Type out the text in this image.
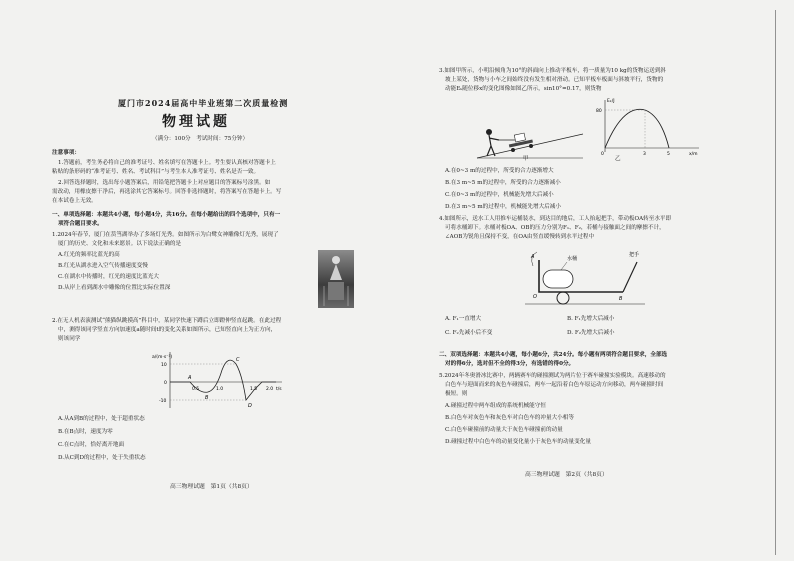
厦门市2024届高中毕业班第二次质量检测
物理试题
（满分：100分　考试时间：75分钟）
注意事项：
1.答题前，考生务必将自己的准考证号、姓名填写在答题卡上。考生要认真核对答题卡上
粘贴的条形码的“准考证号、姓名、考试科目”与考生本人准考证号、姓名是否一致。
2.回答选择题时，选出每小题答案后，用铅笔把答题卡上对应题目的答案标号涂黑。如
需改动，用橡皮擦干净后，再选涂其它答案标号。回答非选择题时，将答案写在答题卡上。写
在本试卷上无效。
一、单项选择题：本题共4小题，每小题4分，共16分。在每小题给出的四个选项中，只有一
项符合题目要求。
1.2024年春节，厦门在筼筜湖举办了多场灯光秀。如图所示为白鹭女神雕像灯光秀，展现了
厦门的历史、文化和未来愿景。以下说法正确的是
A.红光的频率比蓝光的高
B.红光从湖水进入空气传播速度变慢
C.在湖水中传播时，红光的速度比蓝光大
D.从岸上看到湖水中雕像的位置比实际位置深
2.在无人机表演测试“熊猫纵跳摸高”科目中，某同学快速下蹲后立即蹬伸竖直起跳。在此过程
中，测得该同学竖直方向加速度a随时间t的变化关系如图所示，已知竖直向上为正方向，
则该同学
a/(m·s⁻²)
t/s
10
0
-10
0.5	1.0	1.5 2.0
A
B
C
D
A.从A到B的过程中，处于超重状态
B.在B点时，速度为零
C.在C点时，恰好离开地面
D.从C到D的过程中，处于失重状态
高三物理试题　第1页（共8页）
3.如图甲所示，小明沿倾角为10°的斜面向上推动平板车，将一质量为10 kg的货物运送到斜
坡上某处，货物与小车之间始终没有发生相对滑动。已知平板车板面与斜坡平行，货物的
动能Eₖ随位移x的变化图像如图乙所示，sin10°=0.17，则货物
甲
Eₖ/J
x/m
80
0	3	5
乙
A.在0~3 m的过程中，所受的合力逐渐增大
B.在3 m~5 m的过程中，所受的合力逐渐减小
C.在0~3 m的过程中，机械能先增大后减小
D.在3 m~5 m的过程中，机械能先增大后减小
4.如图所示，送水工人用推车运桶装水，到达目的地后，工人抬起把手，带动板OA转至水平即
可将水桶卸下。水桶对板OA、OB的压力分别为F₁、F₂，若桶与接触面之间的摩擦不计，
∠AOB为锐角且保持不变，在OA由竖直缓慢转到水平过程中
A
O	B
水桶
把手
A. F₁一直增大	B. F₁先增大后减小
C. F₂先减小后不变	D. F₂先增大后减小
二、双项选择题：本题共4小题，每小题6分，共24分。每小题有两项符合题目要求，全部选
对的得6分，选对但不全的得3分，有选错的得0分。
5.2024年冬奥滑冰比赛中，两辆赛车的碰撞测试为两片位于赛车碰撞实验模块。高速移动的
白色车与迎面而来的灰色车碰撞后，两车一起沿着白色车原运动方向移动，两车碰撞时间
极短。则
A.碰撞过程中两车组成的系统机械能守恒
B.白色车对灰色车和灰色车对白色车的冲量大小相等
C.白色车碰撞前的动量大于灰色车碰撞前的动量
D.碰撞过程中白色车的动量变化量小于灰色车的动量变化量
高三物理试题　第2页（共8页）
